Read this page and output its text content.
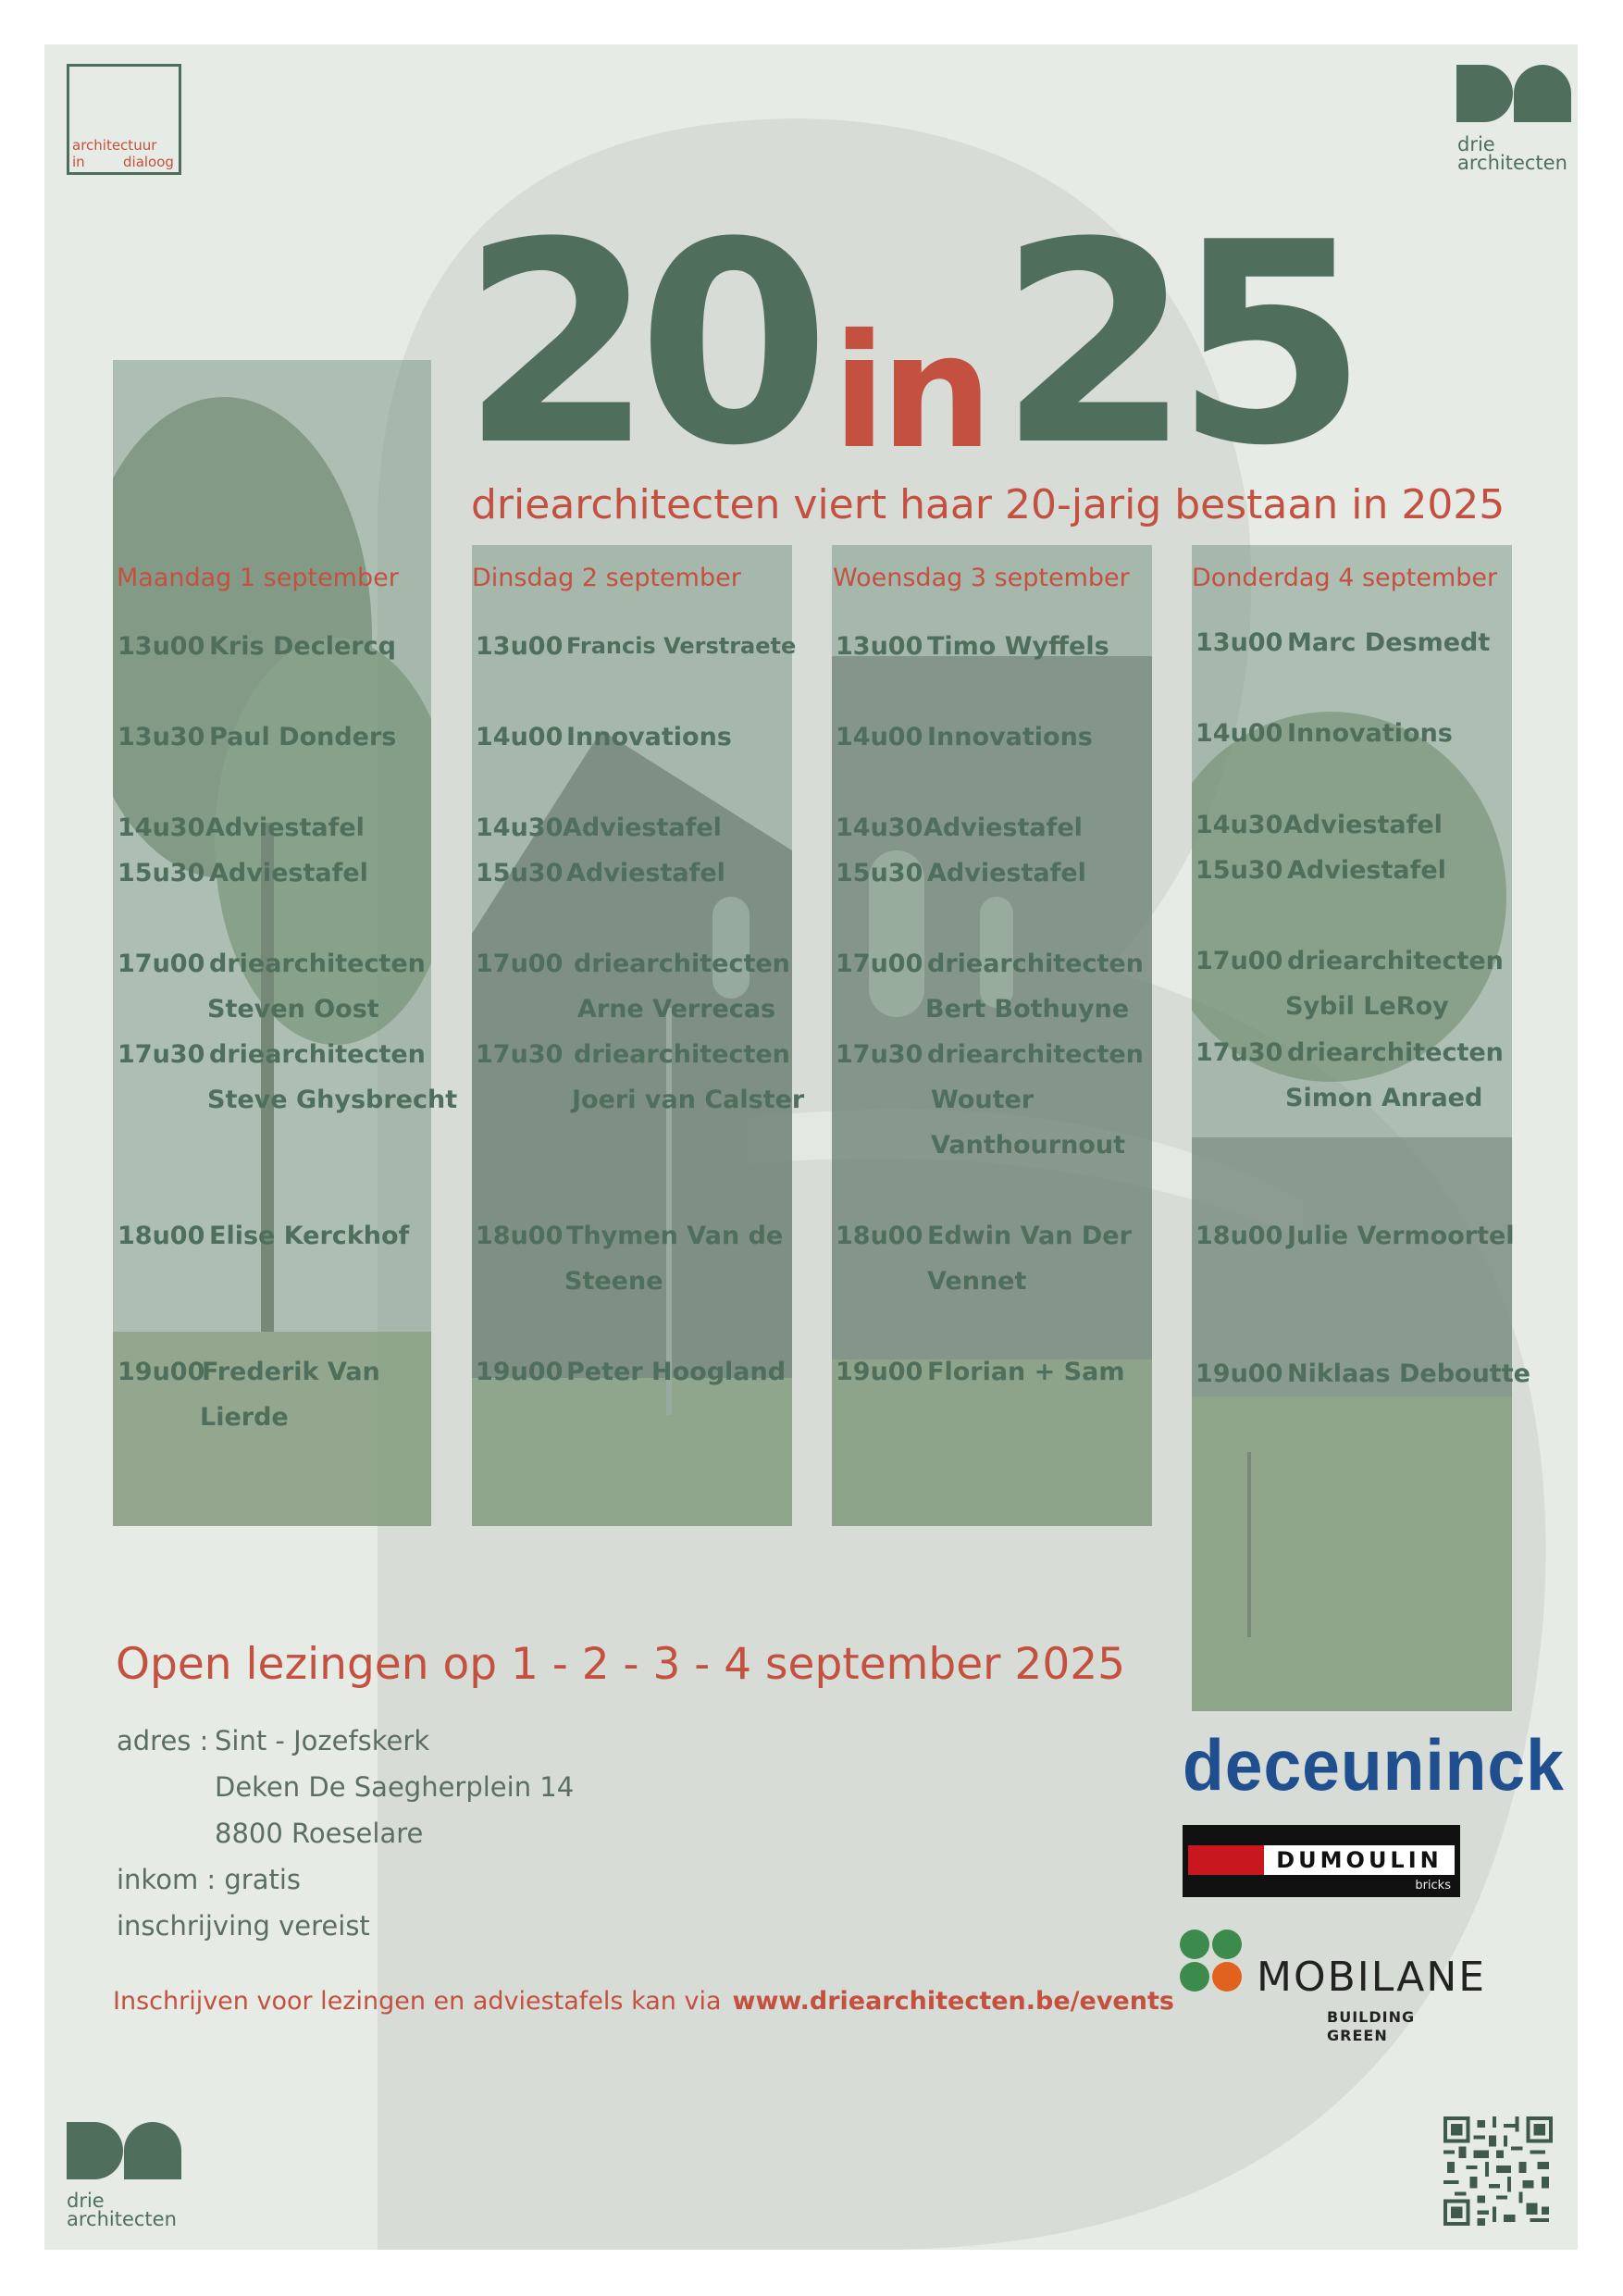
architectuur
in	dialoog
drie
architecten
drie
architecten
20 in25
driearchitecten viert haar 20-jarig bestaan in 2025
Maandag 1 september
13u00 Kris Declercq
13u30 Paul Donders
14u30 Adviestafel
15u30 Adviestafel
17u00 driearchitecten
Steven Oost
17u30 driearchitecten
Steve Ghysbrecht
18u00 Elise Kerckhof
19u00
Frederik Van
Lierde
Dinsdag 2 september
13u00 Francis Verstraete
14u00 Innovations
14u30 Adviestafel
15u30 Adviestafel
17u00 driearchitecten
Arne Verrecas
17u30 driearchitecten
Joeri van Calster
18u00 Thymen Van de
Steene
19u00 Peter Hoogland
Woensdag 3 september
13u00 Timo Wyffels
14u00 Innovations
14u30 Adviestafel
15u30 Adviestafel
17u00 driearchitecten
Bert Bothuyne
17u30 driearchitecten
Wouter
Vanthournout
18u00 Edwin Van Der
Vennet
19u00 Florian + Sam
Donderdag 4 september
13u00 Marc Desmedt
14u00 Innovations
14u30 Adviestafel
15u30 Adviestafel
17u00 driearchitecten
Sybil LeRoy
17u30 driearchitecten
Simon Anraed
18u00 Julie Vermoortel
19u00 Niklaas Deboutte
Open lezingen op 1 - 2 - 3 - 4 september 2025
adres : Sint - Jozefskerk
Deken De Saegherplein 14
8800 Roeselare
inkom : gratis
inschrijving vereist
Inschrijven voor lezingen en adviestafels kan via www.driearchitecten.be/events
deceuninck
DUMOULIN
bricks
MOBILANE
BUILDING GREEN
